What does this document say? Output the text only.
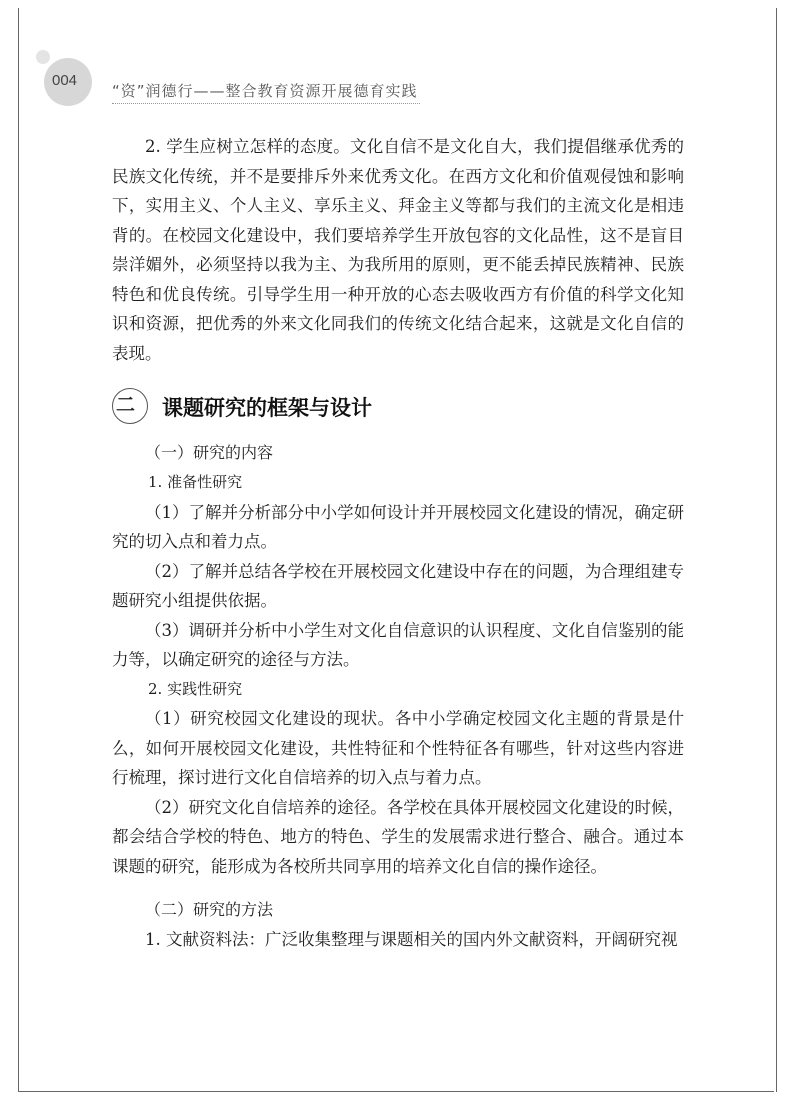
004
“资”润德行——整合教育资源开展德育实践

2. 学生应树立怎样的态度。文化自信不是文化自大，我们提倡继承优秀的民族文化传统，并不是要排斥外来优秀文化。在西方文化和价值观侵蚀和影响下，实用主义、个人主义、享乐主义、拜金主义等都与我们的主流文化是相违背的。在校园文化建设中，我们要培养学生开放包容的文化品性，这不是盲目崇洋媚外，必须坚持以我为主、为我所用的原则，更不能丢掉民族精神、民族特色和优良传统。引导学生用一种开放的心态去吸收西方有价值的科学文化知识和资源，把优秀的外来文化同我们的传统文化结合起来，这就是文化自信的表现。

二 课题研究的框架与设计
（一）研究的内容

1. 准备性研究

（1）了解并分析部分中小学如何设计并开展校园文化建设的情况，确定研究的切入点和着力点。

（2）了解并总结各学校在开展校园文化建设中存在的问题，为合理组建专题研究小组提供依据。

（3）调研并分析中小学生对文化自信意识的认识程度、文化自信鉴别的能力等，以确定研究的途径与方法。

2. 实践性研究

（1）研究校园文化建设的现状。各中小学确定校园文化主题的背景是什么，如何开展校园文化建设，共性特征和个性特征各有哪些，针对这些内容进行梳理，探讨进行文化自信培养的切入点与着力点。

（2）研究文化自信培养的途径。各学校在具体开展校园文化建设的时候，都会结合学校的特色、地方的特色、学生的发展需求进行整合、融合。通过本课题的研究，能形成为各校所共同享用的培养文化自信的操作途径。

（二）研究的方法

1. 文献资料法：广泛收集整理与课题相关的国内外文献资料，开阔研究视
